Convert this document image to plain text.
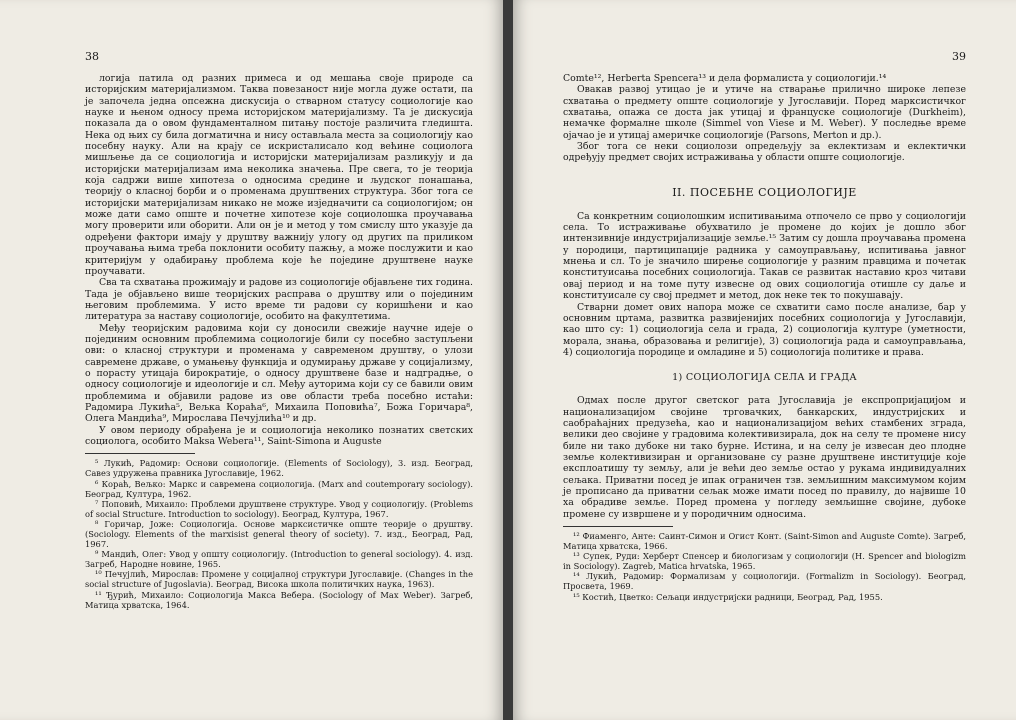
38

логија патила од разних примеса и од мешања своје природе са историјским материјализмом. Таква повезаност није могла дуже остати, па је започела једна опсежна дискусија о стварном статусу социологије као науке и њеном односу према историјском материјализму. Та је дискусија показала да о овом фундаменталном питању постоје различита гледишта. Нека од њих су била догматична и нису остављала места за социологију као посебну науку. Али на крају се искристалисало код већине социолога мишљење да се социологија и историјски материјализам разликују и да историјски материјализам има неколика значења. Пре свега, то је теорија која садржи више хипотеза о односима средине и људског понашања, теорију о класној борби и о променама друштвених структура. Због тога се историјски материјализам никако не може изједначити са социологијом; он може дати само опште и почетне хипотезе које социолошка проучавања могу проверити или оборити. Али он је и метод у том смислу што указује да одређени фактори имају у друштву важнију улогу од других па приликом проучавања њима треба поклонити особиту пажњу, а може послужити и као критеријум у одабирању проблема које ће поједине друштвене науке проучавати.

Сва та схватања прожимају и радове из социологије објављене тих година. Тада је објављено више теоријских расправа о друштву или о појединим његовим проблемима. У исто време ти радови су коришћени и као литература за наставу социологије, особито на факултетима.

Међу теоријским радовима који су доносили свежије научне идеје о појединим основним проблемима социологије били су посебно заступљени ови: о класној структури и променама у савременом друштву, о улози савремене државе, о умањењу функција и одумирању државе у социјализму, о порасту утицаја бирократије, о односу друштвене базе и надградње, о односу социологије и идеологије и сл. Међу ауторима који су се бавили овим проблемима и објавили радове из ове области треба посебно истаћи: Радомира Лукића⁵, Вељка Кораћа⁶, Михаила Поповића⁷, Божа Горичара⁸, Олега Мандића⁹, Мирослава Печујлића¹⁰ и др.

У овом периоду обрађена је и социологија неколико познатих светских социолога, особито Maksa Webera¹¹, Saint-Simona и Auguste

⁵ Лукић, Радомир: Основи социологије. (Elements of Sociology), 3. изд. Београд, Савез удружења правника Југославије, 1962.

⁶ Кораћ, Вељко: Маркс и савремена социологија. (Marx and coutemporary sociology). Београд, Култура, 1962.

⁷ Поповић, Михаило: Проблеми друштвене структуре. Увод у социологију. (Problems of social Structure. Introduction to sociology). Београд, Култура, 1967.

⁸ Горичар, Јоже: Социологија. Основе марксистичке опште теорије о друштву. (Sociology. Elements of the marxisist general theory of society). 7. изд., Београд, Рад, 1967.

⁹ Мандић, Олег: Увод у општу социологију. (Introduction to general sociology). 4. изд. Загреб, Народне новине, 1965.

¹⁰ Печујлић, Мирослав: Промене у социјалној структури Југославије. (Changes in the social structure of Jugoslavia). Београд, Висока школа политичких наука, 1963).

¹¹ Ђурић, Михаило: Социологија Макса Вебера. (Sociology of Max Weber). Загреб, Матица хрватска, 1964.

39

Comte¹², Herberta Spencera¹³ и дела формалиста у социологији.¹⁴

Овакав развој утицао је и утиче на стварање прилично широке лепезе схватања о предмету опште социологије у Југославији. Поред марксистичког схватања, опажа се доста јак утицај и француске социологије (Durkheim), немачке формалне школе (Simmel von Viese и M. Weber). У последње време ојачао је и утицај америчке социологије (Parsons, Merton и др.).

Због тога се неки социолози опредељују за еклектизам и еклектички одређују предмет својих истраживања у области опште социологије.

II. ПОСЕБНЕ СОЦИОЛОГИЈЕ

Са конкретним социолошким испитивањима отпочело се прво у социологији села. То истраживање обухватило је промене до којих је дошло због интензивније индустријализације земље.¹⁵ Затим су дошла проучавања промена у породици, партиципације радника у самоуправљању, испитивања јавног мнења и сл. То је значило ширење социологије у разним правцима и почетак конституисања посебних социологија. Такав се развитак наставио кроз читави овај период и на томе путу извесне од ових социологија отишле су даље и конституисале су свој предмет и метод, док неке тек то покушавају.

Стварни домет ових напора може се схватити само после анализе, бар у основним цртама, развитка развијенијих посебних социологија у Југославији, као што су: 1) социологија села и града, 2) социологија културе (уметности, морала, знања, образовања и религије), 3) социологија рада и самоуправљања, 4) социологија породице и омладине и 5) социологија политике и права.

1) СОЦИОЛОГИЈА СЕЛА И ГРАДА

Одмах после другог светског рата Југославија је експропријацијом и национализацијом својине трговачких, банкарских, индустријских и саобраћајних предузећа, као и национализацијом већих стамбених зграда, велики део својине у градовима колективизирала, док на селу те промене нису биле ни тако дубоке ни тако бурне. Истина, и на селу је извесан део плодне земље колективизиран и организоване су разне друштвене институције које експлоатишу ту земљу, али је већи део земље остао у рукама индивидуалних сељака. Приватни посед је ипак ограничен тзв. земљишним максимумом којим је прописано да приватни сељак може имати посед по правилу, до највише 10 ха обрадиве земље. Поред промена у погледу земљишне својине, дубоке промене су извршене и у породичним односима.

¹² Фиаменго, Анте: Саинт-Симон и Огист Конт. (Saint-Simon and Auguste Comte). Загреб, Матица хрватска, 1966.

¹³ Супек, Руди: Херберт Спенсер и биологизам у социологији (H. Spencer and biologizm in Sociology). Zagreb, Matica hrvatska, 1965.

¹⁴ Лукић, Радомир: Формализам у социологији. (Formalizm in Sociology). Београд, Просвета, 1969.

¹⁵ Костић, Цветко: Сељаци индустријски радници, Београд, Рад, 1955.
